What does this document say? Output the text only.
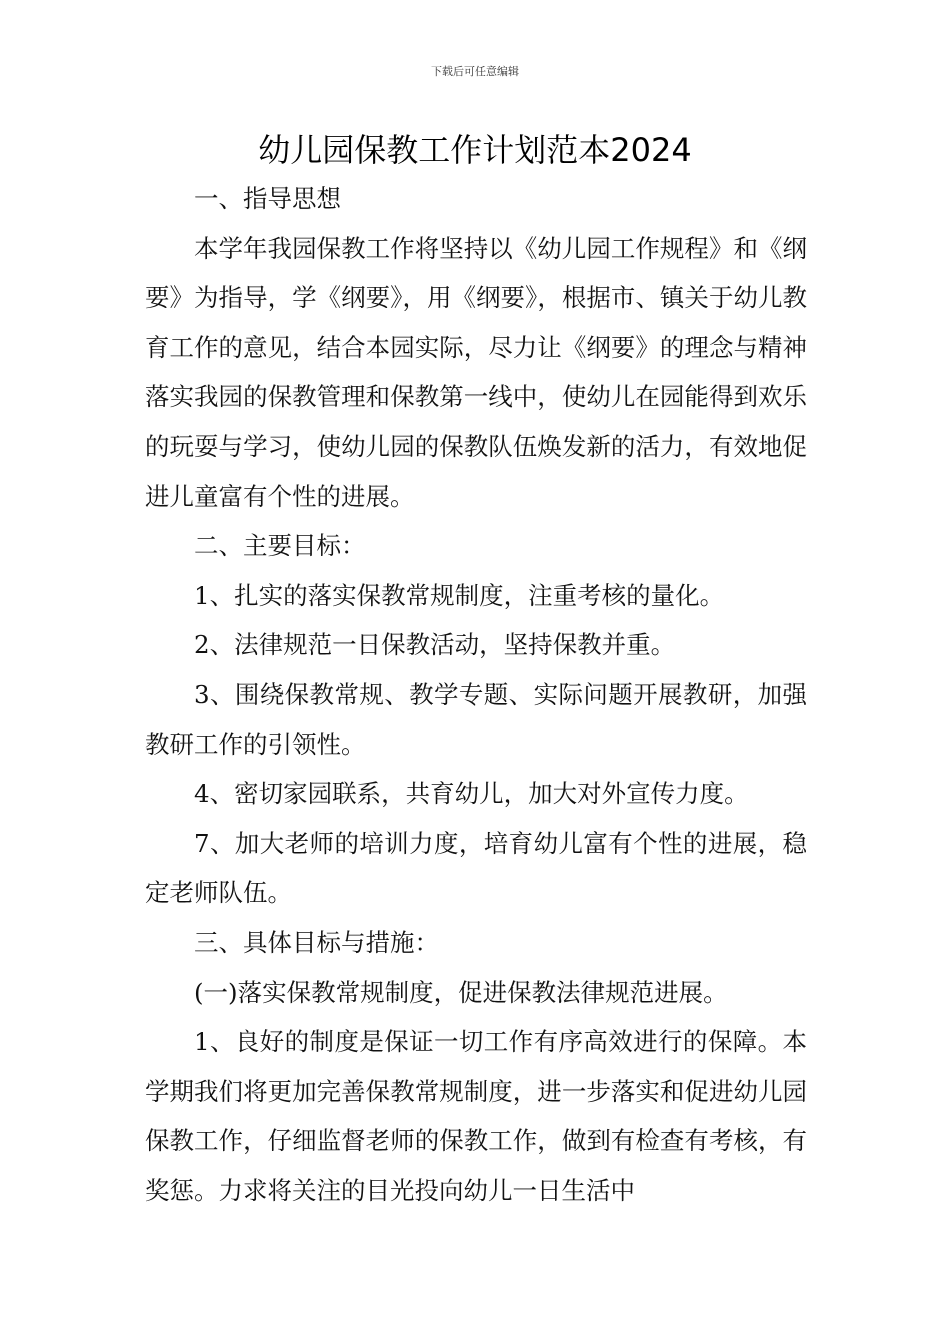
下载后可任意编辑
幼儿园保教工作计划范本2024

一、指导思想

本学年我园保教工作将坚持以《幼儿园工作规程》和《纲要》为指导，学《纲要》，用《纲要》，根据市、镇关于幼儿教育工作的意见，结合本园实际，尽力让《纲要》的理念与精神落实我园的保教管理和保教第一线中，使幼儿在园能得到欢乐的玩耍与学习，使幼儿园的保教队伍焕发新的活力，有效地促进儿童富有个性的进展。

二、主要目标：

1、扎实的落实保教常规制度，注重考核的量化。

2、法律规范一日保教活动，坚持保教并重。

3、围绕保教常规、教学专题、实际问题开展教研，加强教研工作的引领性。

4、密切家园联系，共育幼儿，加大对外宣传力度。

7、加大老师的培训力度，培育幼儿富有个性的进展，稳定老师队伍。

三、具体目标与措施：

(一)落实保教常规制度，促进保教法律规范进展。

1、良好的制度是保证一切工作有序高效进行的保障。本学期我们将更加完善保教常规制度，进一步落实和促进幼儿园保教工作，仔细监督老师的保教工作，做到有检查有考核，有奖惩。力求将关注的目光投向幼儿一日生活中
